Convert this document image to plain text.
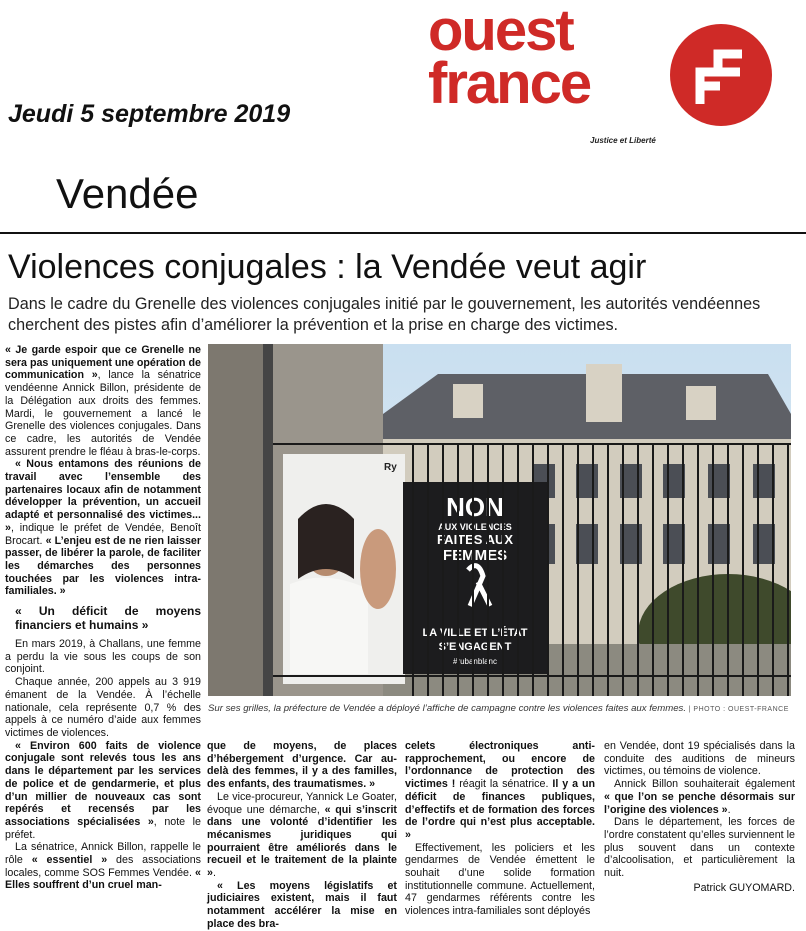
Jeudi 5 septembre 2019
ouest
france
Justice et Liberté
Vendée
Violences conjugales : la Vendée veut agir
Dans le cadre du Grenelle des violences conjugales initié par le gouvernement, les autorités vendéennes cherchent des pistes afin d’améliorer la prévention et la prise en charge des victimes.

« Je garde espoir que ce Grenelle ne sera pas uniquement une opération de communication », lance la sénatrice vendéenne Annick Billon, présidente de la Délégation aux droits des femmes. Mardi, le gouvernement a lancé le Grenelle des violences conjugales. Dans ce cadre, les autorités de Vendée assurent prendre le fléau à bras-le-corps.

« Nous entamons des réunions de travail avec l’ensemble des partenaires locaux afin de notamment développer la prévention, un accueil adapté et personnalisé des victimes... », indique le préfet de Vendée, Benoît Brocart. « L’enjeu est de ne rien laisser passer, de libérer la parole, de faciliter les démarches des personnes touchées par les violences intra-familiales. »

« Un déficit de moyens financiers et humains »

En mars 2019, à Challans, une femme a perdu la vie sous les coups de son conjoint.

Chaque année, 200 appels au 3 919 émanent de la Vendée. À l’échelle nationale, cela représente 0,7 % des appels à ce numéro d’aide aux femmes victimes de violences.

« Environ 600 faits de violence conjugale sont relevés tous les ans dans le département par les services de police et de gendarmerie, et plus d’un millier de nouveaux cas sont repérés et recensés par les associations spécialisées », note le préfet.

La sénatrice, Annick Billon, rappelle le rôle « essentiel » des associations locales, comme SOS Femmes Vendée. « Elles souffrent d’un cruel man-

NON
AUX VIOLENCES
FAITES AUX
FEMMES
LA VILLE ET L’ÉTAT
S’ENGAGENT
#rubanblanc
Ry
Sur ses grilles, la préfecture de Vendée a déployé l’affiche de campagne contre les violences faites aux femmes. | PHOTO : OUEST-FRANCE

que de moyens, de places d’hébergement d’urgence. Car au-delà des femmes, il y a des familles, des enfants, des traumatismes. »

Le vice-procureur, Yannick Le Goater, évoque une démarche, « qui s’inscrit dans une volonté d’identifier les mécanismes juridiques qui pourraient être améliorés dans le recueil et le traitement de la plainte ».

« Les moyens législatifs et judiciaires existent, mais il faut notamment accélérer la mise en place des bra-

celets électroniques anti-rapprochement, ou encore de l’ordonnance de protection des victimes ! réagit la sénatrice. Il y a un déficit de finances publiques, d’effectifs et de formation des forces de l’ordre qui n’est plus acceptable. »

Effectivement, les policiers et les gendarmes de Vendée émettent le souhait d’une solide formation institutionnelle commune. Actuellement, 47 gendarmes référents contre les violences intra-familiales sont déployés

en Vendée, dont 19 spécialisés dans la conduite des auditions de mineurs victimes, ou témoins de violence.

Annick Billon souhaiterait également « que l’on se penche désormais sur l’origine des violences ».

Dans le département, les forces de l’ordre constatent qu’elles surviennent le plus souvent dans un contexte d’alcoolisation, et particulièrement la nuit.

Patrick GUYOMARD.
